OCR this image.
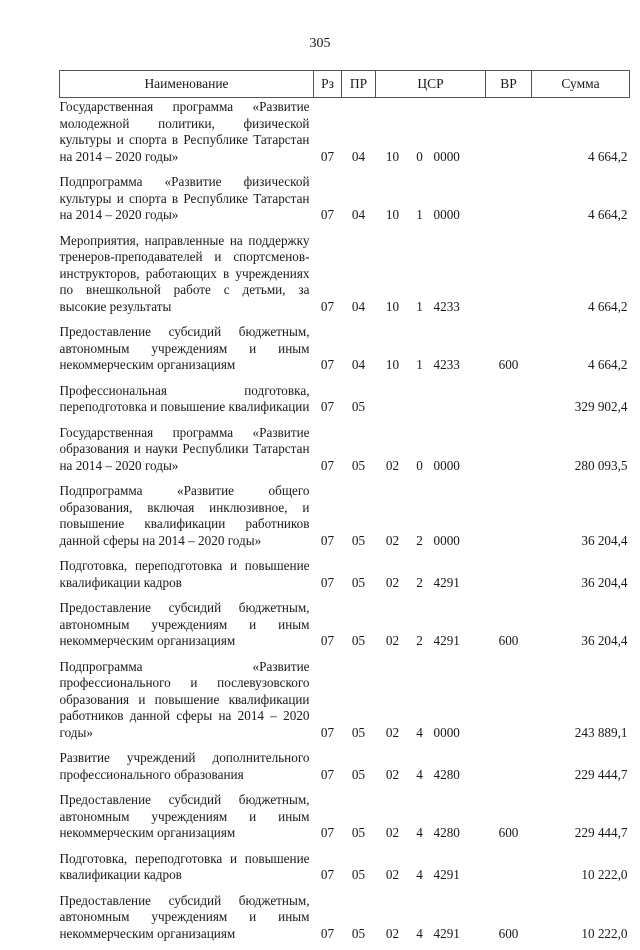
305
Наименование	Рз	ПР	ЦСР			ВР	Сумма
Государственная программа «Развитие молодежной политики, физической культуры и спорта в Республике Татарстан на 2014 – 2020 годы»	07	04	10	0	0000		4 664,2
Подпрограмма «Развитие физической культуры и спорта в Республике Татарстан на 2014 – 2020 годы»	07	04	10	1	0000		4 664,2
Мероприятия, направленные на поддержку тренеров-преподавателей и спортсменов-инструкторов, работающих в учреждениях по внешкольной работе с детьми, за высокие результаты	07	04	10	1	4233		4 664,2
Предоставление субсидий бюджетным, автономным учреждениям и иным некоммерческим организациям	07	04	10	1	4233	600	4 664,2
Профессиональная подготовка, переподготовка и повышение квалификации	07	05					329 902,4
Государственная программа «Развитие образования и науки Республики Татарстан на 2014 – 2020 годы»	07	05	02	0	0000		280 093,5
Подпрограмма «Развитие общего образования, включая инклюзивное, и повышение квалификации работников данной сферы на 2014 – 2020 годы»	07	05	02	2	0000		36 204,4
Подготовка, переподготовка и повышение квалификации кадров	07	05	02	2	4291		36 204,4
Предоставление субсидий бюджетным, автономным учреждениям и иным некоммерческим организациям	07	05	02	2	4291	600	36 204,4
Подпрограмма «Развитие профессионального и послевузовского образования и повышение квалификации работников данной сферы на 2014 – 2020 годы»	07	05	02	4	0000		243 889,1
Развитие учреждений дополнительного профессионального образования	07	05	02	4	4280		229 444,7
Предоставление субсидий бюджетным, автономным учреждениям и иным некоммерческим организациям	07	05	02	4	4280	600	229 444,7
Подготовка, переподготовка и повышение квалификации кадров	07	05	02	4	4291		10 222,0
Предоставление субсидий бюджетным, автономным учреждениям и иным некоммерческим организациям	07	05	02	4	4291	600	10 222,0
